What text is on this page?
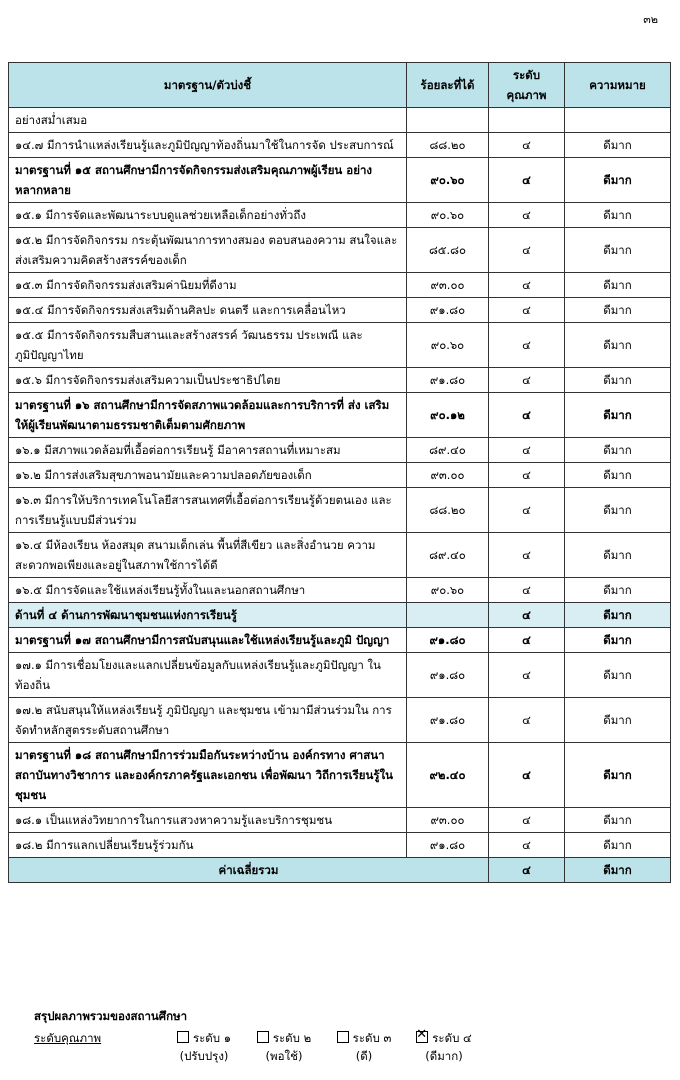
๓๒
มาตรฐาน/ตัวบ่งชี้	ร้อยละที่ได้	ระดับ คุณภาพ	ความหมาย
อย่างสม่ำเสมอ			
๑๔.๗ มีการนำแหล่งเรียนรู้และภูมิปัญญาท้องถิ่นมาใช้ในการจัด ประสบการณ์	๘๘.๒๐	๔	ดีมาก
มาตรฐานที่ ๑๕ สถานศึกษามีการจัดกิจกรรมส่งเสริมคุณภาพผู้เรียน อย่างหลากหลาย	๙๐.๖๐	๔	ดีมาก
๑๕.๑ มีการจัดและพัฒนาระบบดูแลช่วยเหลือเด็กอย่างทั่วถึง	๙๐.๖๐	๔	ดีมาก
๑๕.๒ มีการจัดกิจกรรม กระตุ้นพัฒนาการทางสมอง ตอบสนองความ สนใจและส่งเสริมความคิดสร้างสรรค์ของเด็ก	๘๕.๘๐	๔	ดีมาก
๑๕.๓ มีการจัดกิจกรรมส่งเสริมค่านิยมที่ดีงาม	๙๓.๐๐	๔	ดีมาก
๑๕.๔ มีการจัดกิจกรรมส่งเสริมด้านศิลปะ ดนตรี และการเคลื่อนไหว	๙๑.๘๐	๔	ดีมาก
๑๕.๕ มีการจัดกิจกรรมสืบสานและสร้างสรรค์ วัฒนธรรม ประเพณี และ ภูมิปัญญาไทย	๙๐.๖๐	๔	ดีมาก
๑๕.๖ มีการจัดกิจกรรมส่งเสริมความเป็นประชาธิปไตย	๙๑.๘๐	๔	ดีมาก
มาตรฐานที่ ๑๖ สถานศึกษามีการจัดสภาพแวดล้อมและการบริการที่ ส่ง เสริมให้ผู้เรียนพัฒนาตามธรรมชาติเต็มตามศักยภาพ	๙๐.๑๒	๔	ดีมาก
๑๖.๑ มีสภาพแวดล้อมที่เอื้อต่อการเรียนรู้ มีอาคารสถานที่เหมาะสม	๘๙.๔๐	๔	ดีมาก
๑๖.๒ มีการส่งเสริมสุขภาพอนามัยและความปลอดภัยของเด็ก	๙๓.๐๐	๔	ดีมาก
๑๖.๓ มีการให้บริการเทคโนโลยีสารสนเทศที่เอื้อต่อการเรียนรู้ด้วยตนเอง และ การเรียนรู้แบบมีส่วนร่วม	๘๘.๒๐	๔	ดีมาก
๑๖.๔ มีห้องเรียน ห้องสมุด สนามเด็กเล่น พื้นที่สีเขียว และสิ่งอำนวย ความสะดวกพอเพียงและอยู่ในสภาพใช้การได้ดี	๘๙.๔๐	๔	ดีมาก
๑๖.๕ มีการจัดและใช้แหล่งเรียนรู้ทั้งในและนอกสถานศึกษา	๙๐.๖๐	๔	ดีมาก
ด้านที่ ๔ ด้านการพัฒนาชุมชนแห่งการเรียนรู้		๔	ดีมาก
มาตรฐานที่ ๑๗ สถานศึกษามีการสนับสนุนและใช้แหล่งเรียนรู้และภูมิ ปัญญา	๙๑.๘๐	๔	ดีมาก
๑๗.๑ มีการเชื่อมโยงและแลกเปลี่ยนข้อมูลกับแหล่งเรียนรู้และภูมิปัญญา ในท้องถิ่น	๙๑.๘๐	๔	ดีมาก
๑๗.๒ สนับสนุนให้แหล่งเรียนรู้ ภูมิปัญญา และชุมชน เข้ามามีส่วนร่วมใน การจัดทำหลักสูตรระดับสถานศึกษา	๙๑.๘๐	๔	ดีมาก
มาตรฐานที่ ๑๘ สถานศึกษามีการร่วมมือกันระหว่างบ้าน องค์กรทาง ศาสนา สถาบันทางวิชาการ และองค์กรภาครัฐและเอกชน เพื่อพัฒนา วิถีการเรียนรู้ในชุมชน	๙๒.๔๐	๔	ดีมาก
๑๘.๑ เป็นแหล่งวิทยาการในการแสวงหาความรู้และบริการชุมชน	๙๓.๐๐	๔	ดีมาก
๑๘.๒ มีการแลกเปลี่ยนเรียนรู้ร่วมกัน	๙๑.๘๐	๔	ดีมาก
ค่าเฉลี่ยรวม		๔	ดีมาก
สรุปผลภาพรวมของสถานศึกษา
ระดับคุณภาพ	ระดับ ๑
(ปรับปรุง)
ระดับ ๒
(พอใช้)
ระดับ ๓
(ดี)
✕ระดับ ๔
(ดีมาก)
